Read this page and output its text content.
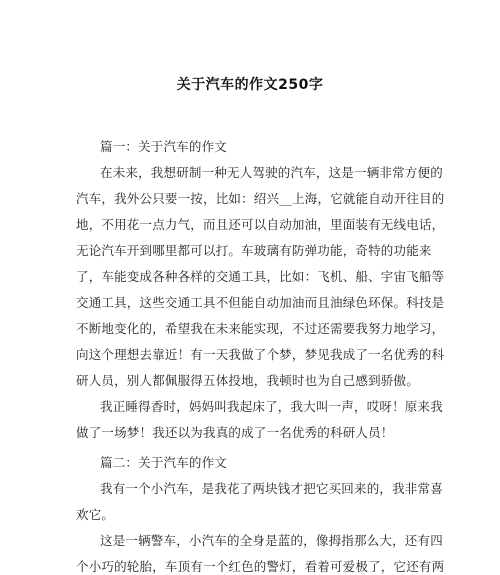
关于汽车的作文250字
篇一：关于汽车的作文
在未来，我想研制一种无人驾驶的汽车，这是一辆非常方便的
汽车，我外公只要一按，比如：绍兴__上海，它就能自动开往目的
地，不用花一点力气，而且还可以自动加油，里面装有无线电话，
无论汽车开到哪里都可以打。车玻璃有防弹功能，奇特的功能来
了，车能变成各种各样的交通工具，比如：飞机、船、宇宙飞船等
交通工具，这些交通工具不但能自动加油而且油绿色环保。科技是
不断地变化的，希望我在未来能实现，不过还需要我努力地学习，
向这个理想去靠近！有一天我做了个梦，梦见我成了一名优秀的科
研人员，别人都佩服得五体投地，我顿时也为自己感到骄傲。
我正睡得香时，妈妈叫我起床了，我大叫一声，哎呀！原来我
做了一场梦！我还以为我真的成了一名优秀的科研人员！
篇二：关于汽车的作文
我有一个小汽车，是我花了两块钱才把它买回来的，我非常喜
欢它。
这是一辆警车，小汽车的全身是蓝的，像拇指那么大，还有四
个小巧的轮胎，车顶有一个红色的警灯，看着可爱极了，它还有两
